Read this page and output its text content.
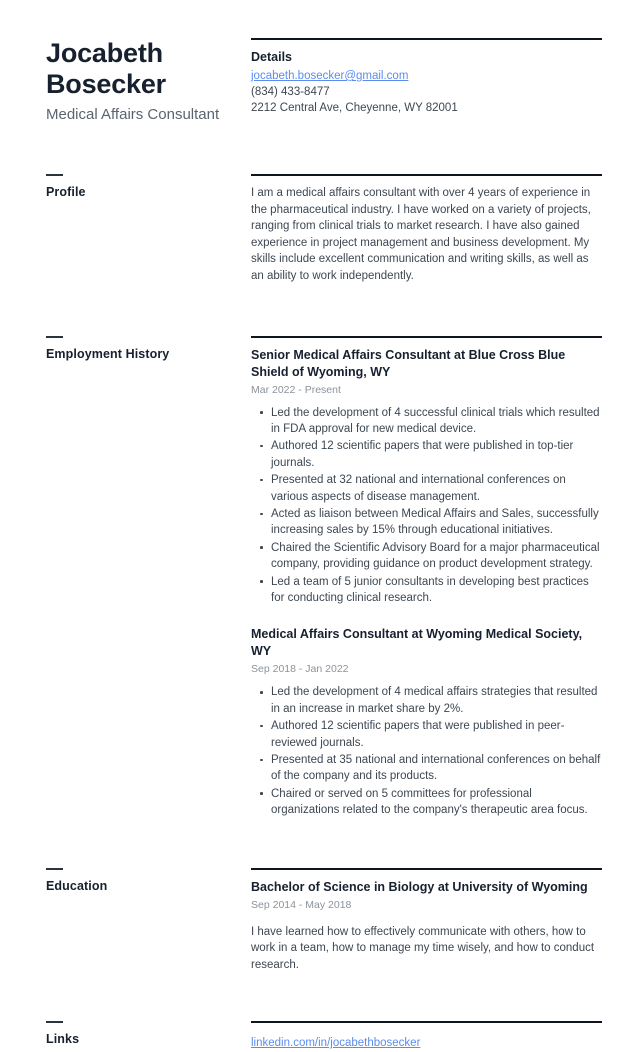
Jocabeth Bosecker
Medical Affairs Consultant
Details
jocabeth.bosecker@gmail.com
(834) 433-8477
2212 Central Ave, Cheyenne, WY 82001
Profile	I am a medical affairs consultant with over 4 years of experience in the pharmaceutical industry. I have worked on a variety of projects, ranging from clinical trials to market research. I have also gained experience in project management and business development. My skills include excellent communication and writing skills, as well as an ability to work independently.
Employment History	Senior Medical Affairs Consultant at Blue Cross Blue Shield of Wyoming, WY
Mar 2022 - Present
Led the development of 4 successful clinical trials which resulted in FDA approval for new medical device.
Authored 12 scientific papers that were published in top-tier journals.
Presented at 32 national and international conferences on various aspects of disease management.
Acted as liaison between Medical Affairs and Sales, successfully increasing sales by 15% through educational initiatives.
Chaired the Scientific Advisory Board for a major pharmaceutical company, providing guidance on product development strategy.
Led a team of 5 junior consultants in developing best practices for conducting clinical research.
Medical Affairs Consultant at Wyoming Medical Society, WY
Sep 2018 - Jan 2022
Led the development of 4 medical affairs strategies that resulted in an increase in market share by 2%.
Authored 12 scientific papers that were published in peer-reviewed journals.
Presented at 35 national and international conferences on behalf of the company and its products.
Chaired or served on 5 committees for professional organizations related to the company's therapeutic area focus.
Education	Bachelor of Science in Biology at University of Wyoming
Sep 2014 - May 2018
I have learned how to effectively communicate with others, how to work in a team, how to manage my time wisely, and how to conduct research.
Links	linkedin.com/in/jocabethbosecker
